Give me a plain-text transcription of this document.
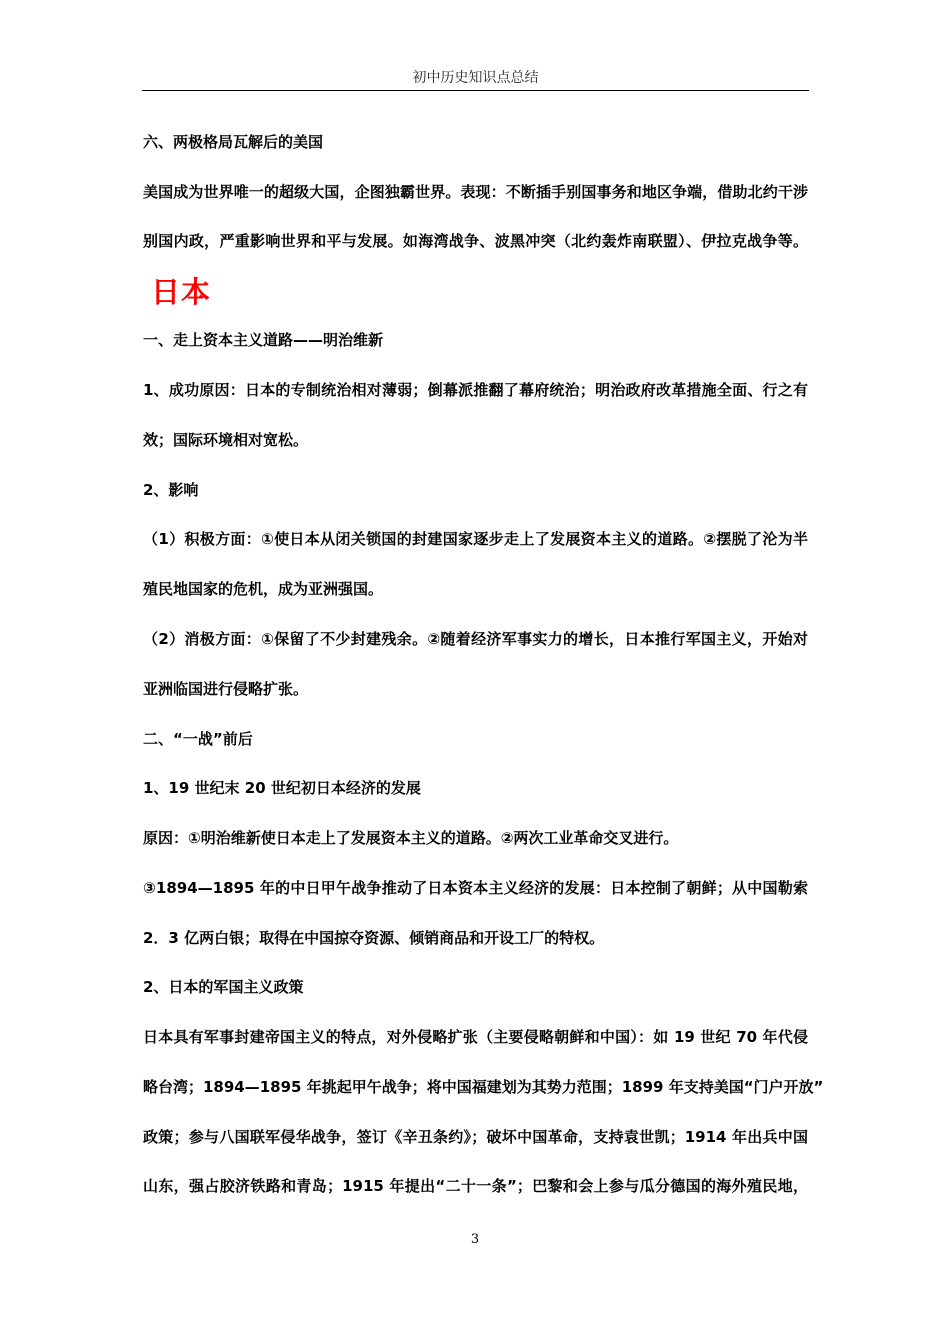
初中历史知识点总结
六、两极格局瓦解后的美国
美国成为世界唯一的超级大国，企图独霸世界。表现：不断插手别国事务和地区争端，借助北约干涉
别国内政，严重影响世界和平与发展。如海湾战争、波黑冲突（北约轰炸南联盟）、伊拉克战争等。
日本
一、走上资本主义道路——明治维新
1、成功原因：日本的专制统治相对薄弱；倒幕派推翻了幕府统治；明治政府改革措施全面、行之有
效；国际环境相对宽松。
2、影响
（1）积极方面：①使日本从闭关锁国的封建国家逐步走上了发展资本主义的道路。②摆脱了沦为半
殖民地国家的危机，成为亚洲强国。
（2）消极方面：①保留了不少封建残余。②随着经济军事实力的增长，日本推行军国主义，开始对
亚洲临国进行侵略扩张。
二、“一战”前后
1、19 世纪末 20 世纪初日本经济的发展
原因：①明治维新使日本走上了发展资本主义的道路。②两次工业革命交叉进行。
③1894—1895 年的中日甲午战争推动了日本资本主义经济的发展：日本控制了朝鲜；从中国勒索
2．3 亿两白银；取得在中国掠夺资源、倾销商品和开设工厂的特权。
2、日本的军国主义政策
日本具有军事封建帝国主义的特点，对外侵略扩张（主要侵略朝鲜和中国）：如 19 世纪 70 年代侵
略台湾；1894—1895 年挑起甲午战争；将中国福建划为其势力范围；1899 年支持美国“门户开放”
政策；参与八国联军侵华战争，签订《辛丑条约》；破坏中国革命，支持袁世凯；1914 年出兵中国
山东，强占胶济铁路和青岛；1915 年提出“二十一条”；巴黎和会上参与瓜分德国的海外殖民地，
3
